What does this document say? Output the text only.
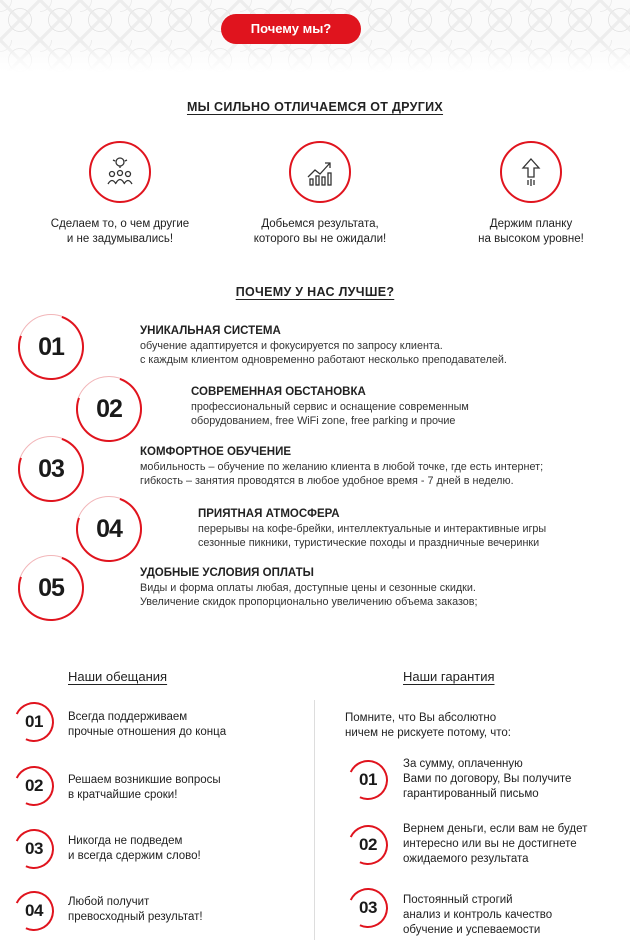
Почему мы?
МЫ СИЛЬНО ОТЛИЧАЕМСЯ ОТ ДРУГИХ
Сделаем то, о чем другие
и не задумывались!
Добьемся результата,
которого вы не ожидали!
Держим планку
на высоком уровне!
ПОЧЕМУ У НАС ЛУЧШЕ?
01
УНИКАЛЬНАЯ СИСТЕМА
обучение адаптируется и фокусируется по запросу клиента.
с каждым клиентом одновременно работают несколько преподавателей.
02
СОВРЕМЕННАЯ ОБСТАНОВКА
профессиональный сервис и оснащение современным
оборудованием, free WiFi zone, free parking и прочие
03
КОМФОРТНОЕ ОБУЧЕНИЕ
мобильность – обучение по желанию клиента в любой точке, где есть интернет;
гибкость – занятия проводятся в любое удобное время - 7 дней в неделю.
04
ПРИЯТНАЯ АТМОСФЕРА
перерывы на кофе-брейки, интеллектуальные и интерактивные игры
сезонные пикники, туристические походы и праздничные вечеринки
05
УДОБНЫЕ УСЛОВИЯ ОПЛАТЫ
Виды и форма оплаты любая, доступные цены и сезонные скидки.
Увеличение скидок пропорционально увеличению объема заказов;
Наши обещания	Наши гарантия
01	Всегда поддерживаем
прочные отношения до конца
02	Решаем возникшие вопросы
в кратчайшие сроки!
03	Никогда не подведем
и всегда сдержим слово!
04	Любой получит
превосходный результат!
Помните, что Вы абсолютно
ничем не рискуете потому, что:
01
За сумму, оплаченную
Вами по договору, Вы получите
гарантированный письмо
02
Вернем деньги, если вам не будет
интересно или вы не достигнете
ожидаемого результата
03	Постоянный строгий
анализ и контроль качество
обучение и успеваемости
